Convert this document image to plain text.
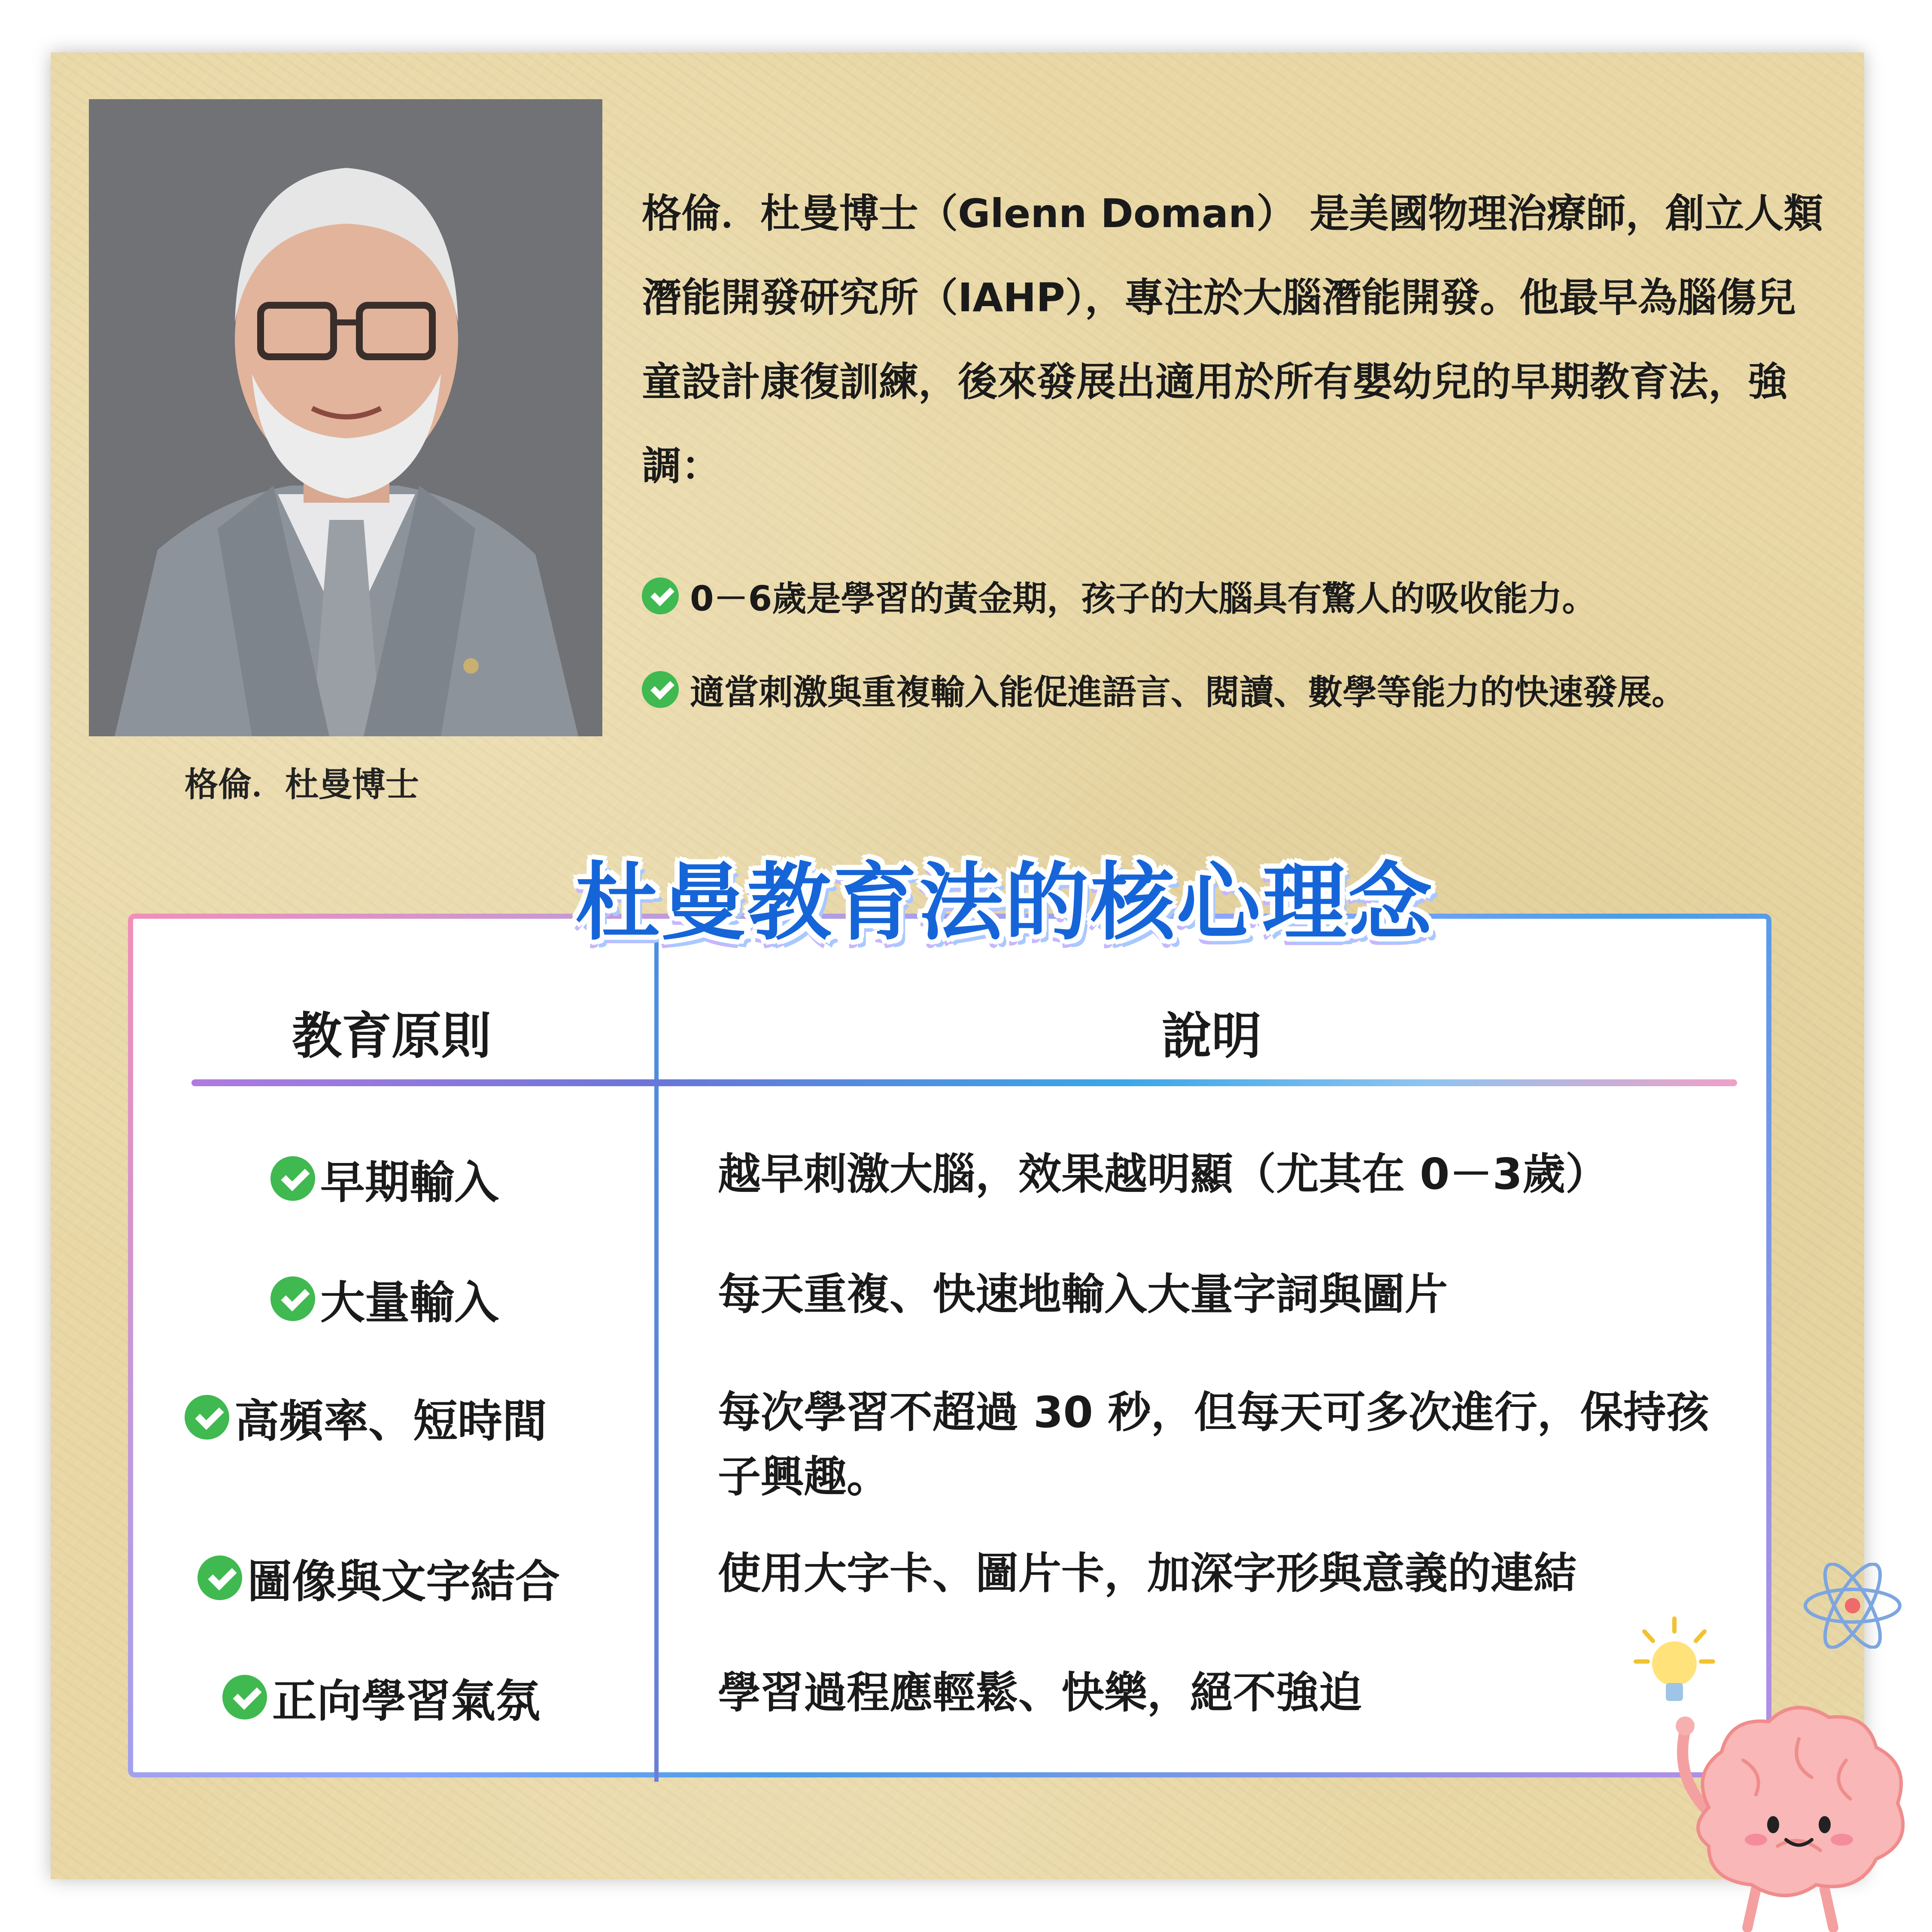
格倫．杜曼博士
格倫．杜曼博士（Glenn Doman） 是美國物理治療師，創立人類潛能開發研究所（IAHP），專注於大腦潛能開發。他最早為腦傷兒童設計康復訓練，後來發展出適用於所有嬰幼兒的早期教育法，強調：
0－6歲是學習的黃金期，孩子的大腦具有驚人的吸收能力。
適當刺激與重複輸入能促進語言、閱讀、數學等能力的快速發展。
杜曼教育法的核心理念
教育原則	說明
早期輸入	越早刺激大腦，效果越明顯（尤其在 0－3歲）
大量輸入	每天重複、快速地輸入大量字詞與圖片
高頻率、短時間	每次學習不超過 30 秒，但每天可多次進行，保持孩子興趣。
圖像與文字結合	使用大字卡、圖片卡，加深字形與意義的連結
正向學習氣氛	學習過程應輕鬆、快樂，絕不強迫
